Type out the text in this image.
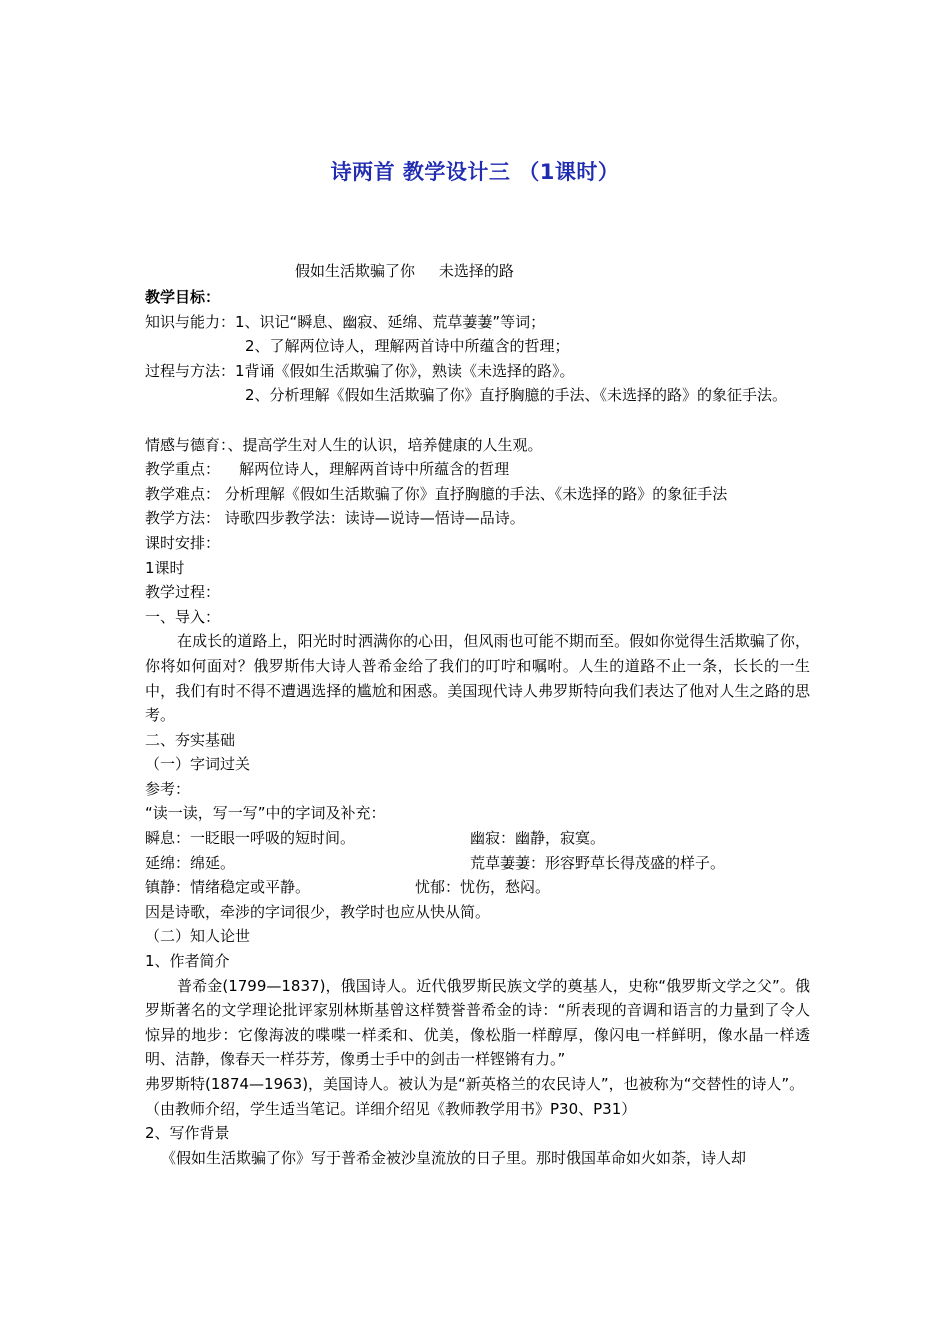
诗两首 教学设计三 （1课时）
假如生活欺骗了你     未选择的路
教学目标：
知识与能力：1、识记“瞬息、幽寂、延绵、荒草萋萋”等词；
2、了解两位诗人，理解两首诗中所蕴含的哲理；
过程与方法：1背诵《假如生活欺骗了你》，熟读《未选择的路》。
2、分析理解《假如生活欺骗了你》直抒胸臆的手法、《未选择的路》的象征手法。
情感与德育：、提高学生对人生的认识，培养健康的人生观。
教学重点：    解两位诗人，理解两首诗中所蕴含的哲理
教学难点： 分析理解《假如生活欺骗了你》直抒胸臆的手法、《未选择的路》的象征手法
教学方法： 诗歌四步教学法：读诗—说诗—悟诗—品诗。
课时安排：
1课时
教学过程：
一、导入：
在成长的道路上，阳光时时洒满你的心田，但风雨也可能不期而至。假如你觉得生活欺骗了你，你将如何面对？俄罗斯伟大诗人普希金给了我们的叮咛和嘱咐。人生的道路不止一条，长长的一生中，我们有时不得不遭遇选择的尴尬和困惑。美国现代诗人弗罗斯特向我们表达了他对人生之路的思考。
二、夯实基础
（一）字词过关
参考：
“读一读，写一写”中的字词及补充：
瞬息：一眨眼一呼吸的短时间。	幽寂：幽静，寂寞。
延绵：绵延。	荒草萋萋：形容野草长得茂盛的样子。
镇静：情绪稳定或平静。	忧郁：忧伤，愁闷。
因是诗歌，牵涉的字词很少，教学时也应从快从简。
（二）知人论世
1、作者简介
普希金(1799—1837)，俄国诗人。近代俄罗斯民族文学的奠基人，史称“俄罗斯文学之父”。俄罗斯著名的文学理论批评家别林斯基曾这样赞誉普希金的诗：“所表现的音调和语言的力量到了令人惊异的地步：它像海波的喋喋一样柔和、优美，像松脂一样醇厚，像闪电一样鲜明，像水晶一样透明、洁静，像春天一样芬芳，像勇士手中的剑击一样铿锵有力。”
弗罗斯特(1874—1963)，美国诗人。被认为是“新英格兰的农民诗人”，也被称为“交替性的诗人”。
（由教师介绍，学生适当笔记。详细介绍见《教师教学用书》P30、P31）
2、写作背景
《假如生活欺骗了你》写于普希金被沙皇流放的日子里。那时俄国革命如火如荼，诗人却
